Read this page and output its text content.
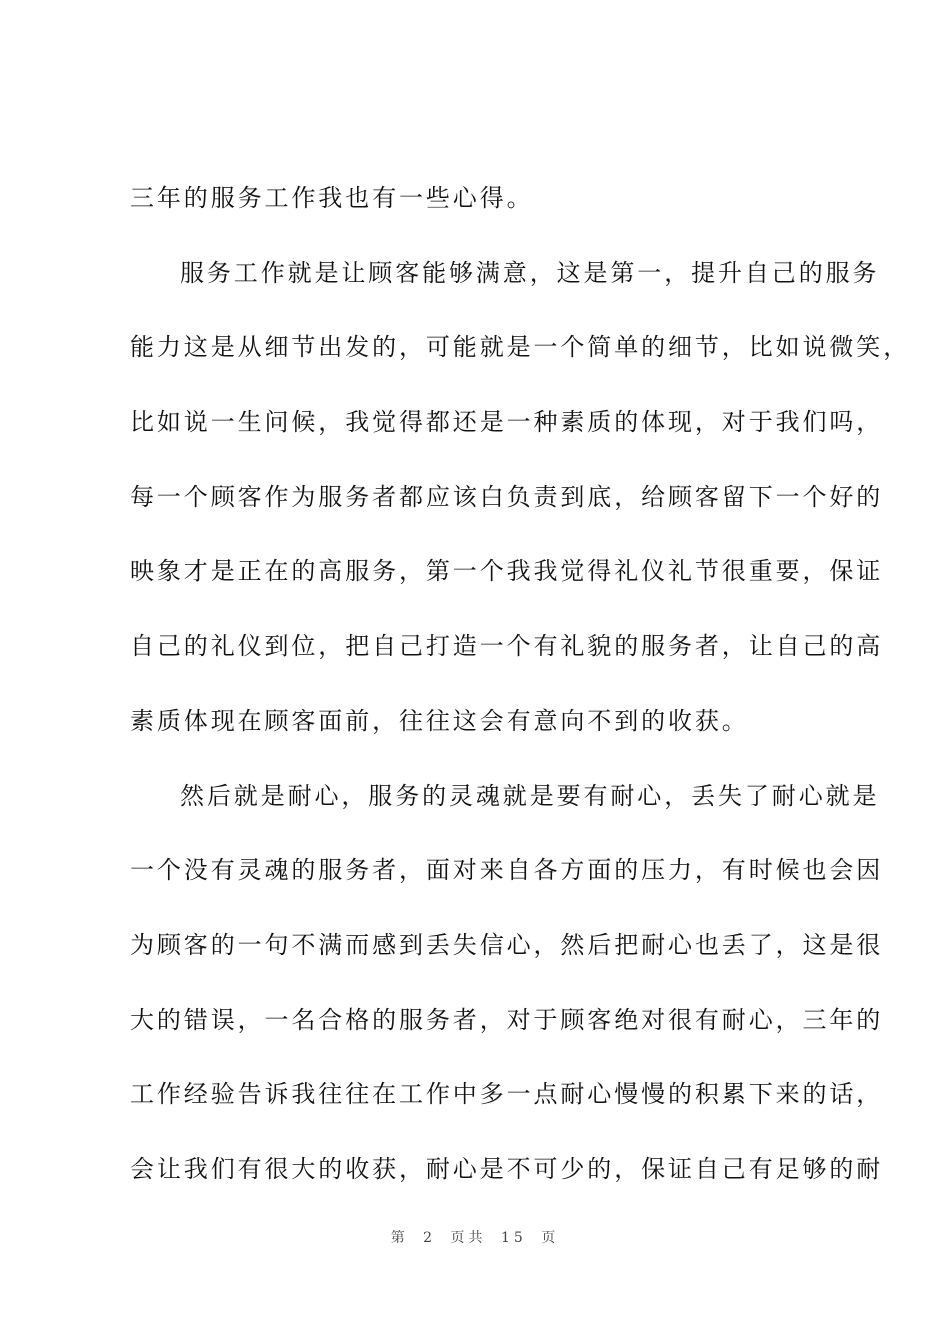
三年的服务工作我也有一些心得。
服务工作就是让顾客能够满意，这是第一，提升自己的服务
能力这是从细节出发的，可能就是一个简单的细节，比如说微笑，
比如说一生问候，我觉得都还是一种素质的体现，对于我们吗，
每一个顾客作为服务者都应该白负责到底，给顾客留下一个好的
映象才是正在的高服务，第一个我我觉得礼仪礼节很重要，保证
自己的礼仪到位，把自己打造一个有礼貌的服务者，让自己的高
素质体现在顾客面前，往往这会有意向不到的收获。
然后就是耐心，服务的灵魂就是要有耐心，丢失了耐心就是
一个没有灵魂的服务者，面对来自各方面的压力，有时候也会因
为顾客的一句不满而感到丢失信心，然后把耐心也丢了，这是很
大的错误，一名合格的服务者，对于顾客绝对很有耐心，三年的
工作经验告诉我往往在工作中多一点耐心慢慢的积累下来的话，
会让我们有很大的收获，耐心是不可少的，保证自己有足够的耐
第 2 页共 15 页
